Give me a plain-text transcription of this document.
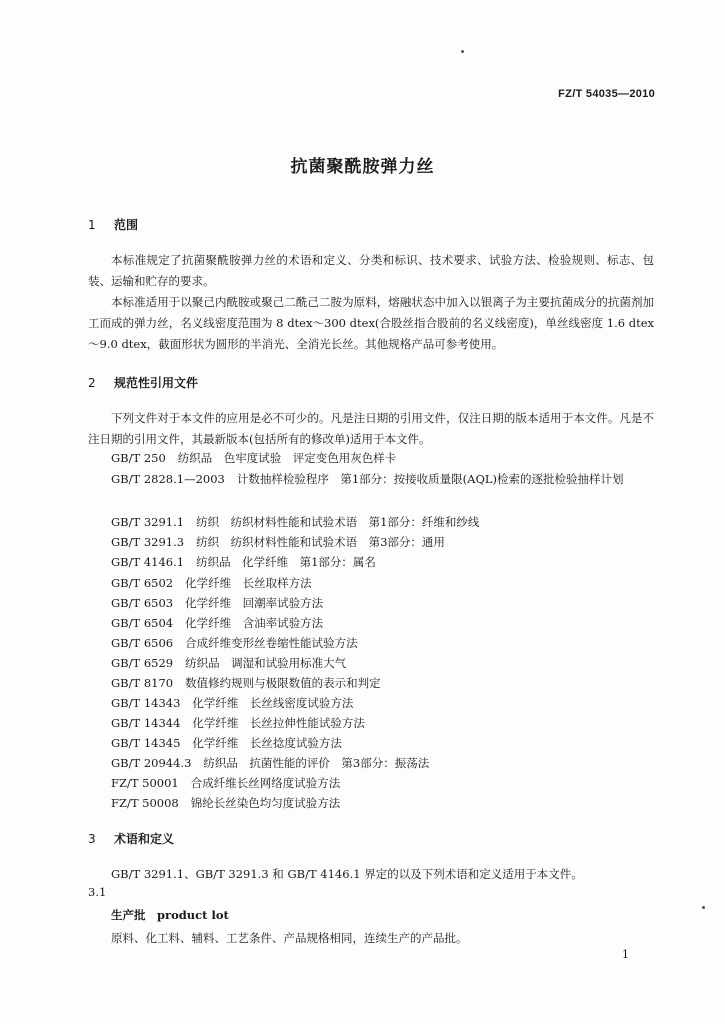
FZ/T 54035—2010
抗菌聚酰胺弹力丝
1 范围
本标准规定了抗菌聚酰胺弹力丝的术语和定义、分类和标识、技术要求、试验方法、检验规则、标志、包装、运输和贮存的要求。
本标准适用于以聚己内酰胺或聚己二酰己二胺为原料，熔融状态中加入以银离子为主要抗菌成分的抗菌剂加工而成的弹力丝，名义线密度范围为 8 dtex～300 dtex(合股丝指合股前的名义线密度)，单丝线密度 1.6 dtex～9.0 dtex，截面形状为圆形的半消光、全消光长丝。其他规格产品可参考使用。
2 规范性引用文件
下列文件对于本文件的应用是必不可少的。凡是注日期的引用文件，仅注日期的版本适用于本文件。凡是不注日期的引用文件，其最新版本(包括所有的修改单)适用于本文件。
GB/T 250 纺织品　色牢度试验　评定变色用灰色样卡
GB/T 2828.1—2003 计数抽样检验程序　第1部分：按接收质量限(AQL)检索的逐批检验抽样计划
GB/T 3291.1 纺织　纺织材料性能和试验术语　第1部分：纤维和纱线
GB/T 3291.3 纺织　纺织材料性能和试验术语　第3部分：通用
GB/T 4146.1 纺织品　化学纤维　第1部分：属名
GB/T 6502 化学纤维　长丝取样方法
GB/T 6503 化学纤维　回潮率试验方法
GB/T 6504 化学纤维　含油率试验方法
GB/T 6506 合成纤维变形丝卷缩性能试验方法
GB/T 6529 纺织品　调湿和试验用标准大气
GB/T 8170 数值修约规则与极限数值的表示和判定
GB/T 14343 化学纤维　长丝线密度试验方法
GB/T 14344 化学纤维　长丝拉伸性能试验方法
GB/T 14345 化学纤维　长丝捻度试验方法
GB/T 20944.3 纺织品　抗菌性能的评价　第3部分：振荡法
FZ/T 50001 合成纤维长丝网络度试验方法
FZ/T 50008 锦纶长丝染色均匀度试验方法
3 术语和定义
GB/T 3291.1、GB/T 3291.3 和 GB/T 4146.1 界定的以及下列术语和定义适用于本文件。
3.1
生产批　product lot
原料、化工料、辅料、工艺条件、产品规格相同，连续生产的产品批。
1
